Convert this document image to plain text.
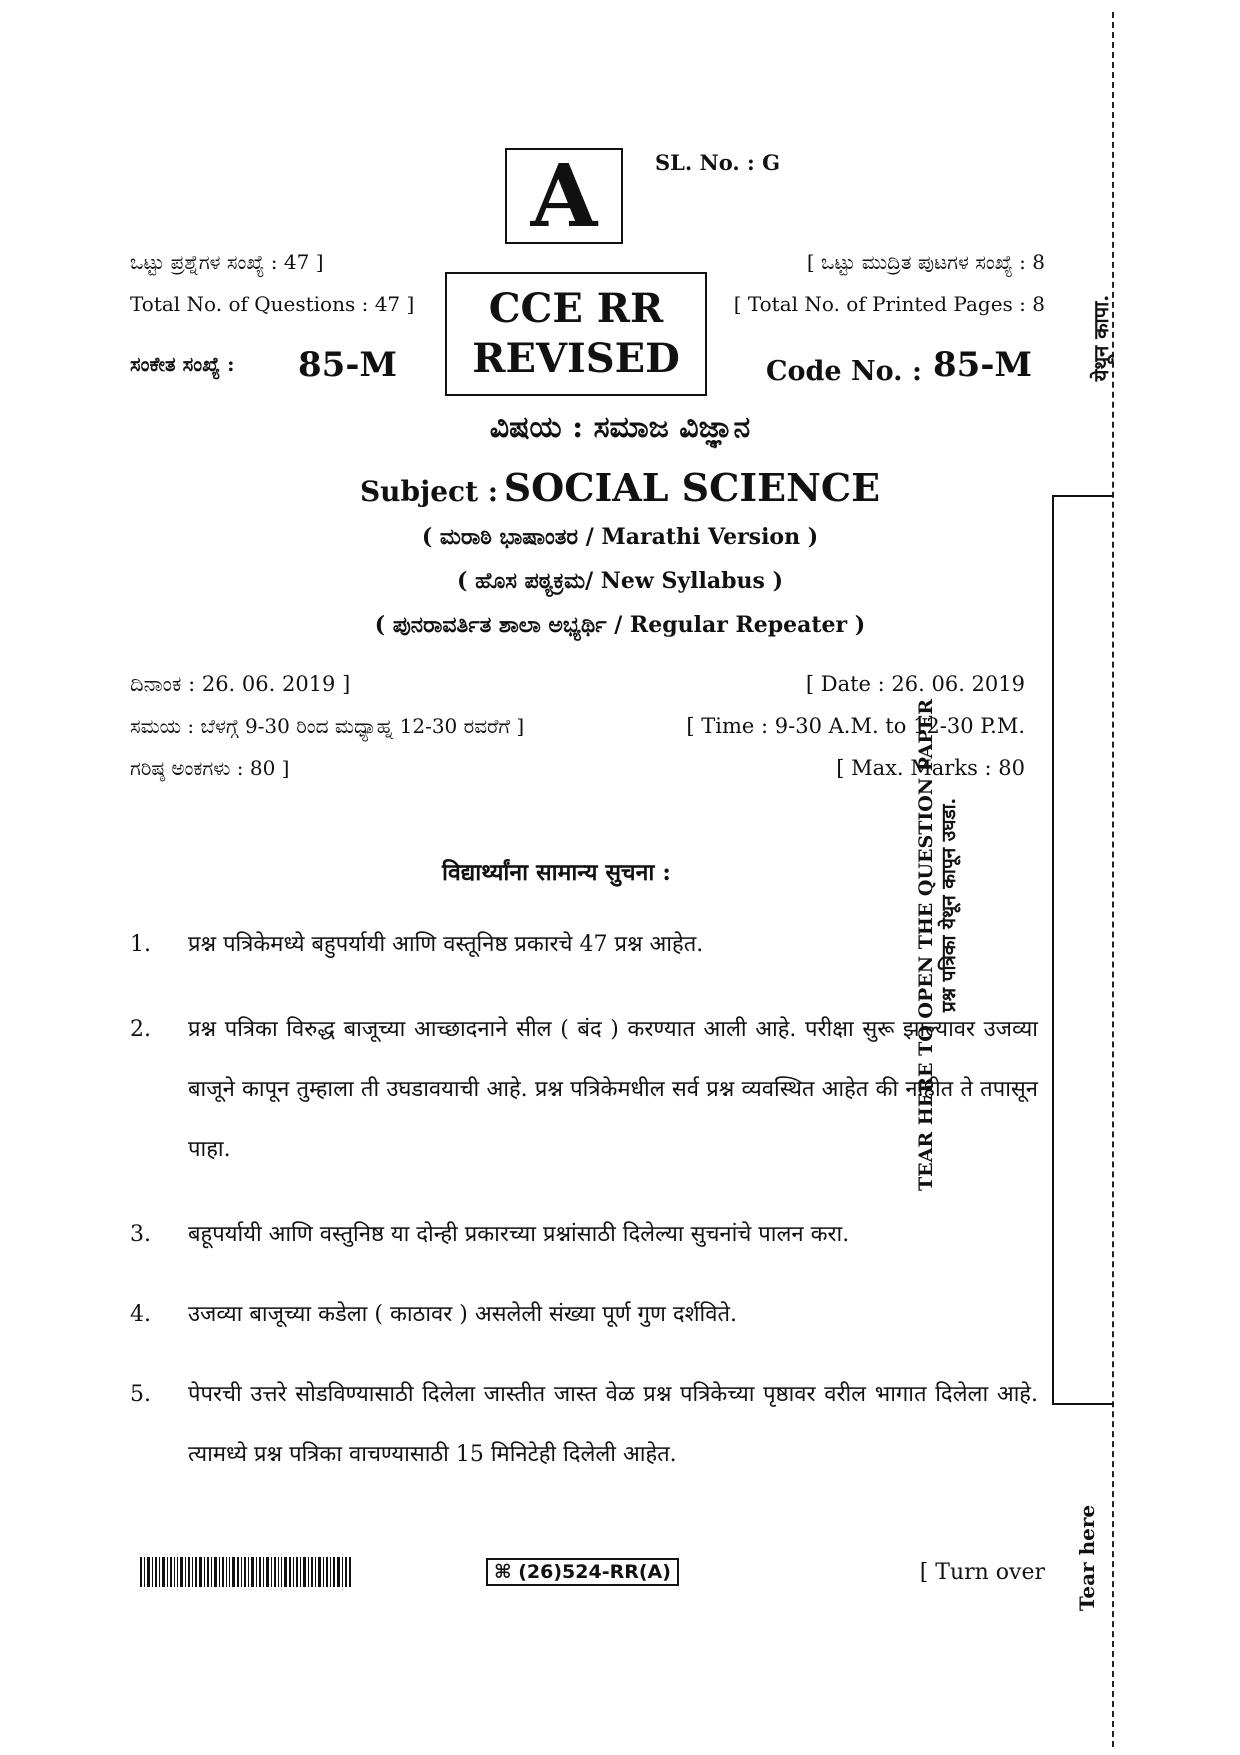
A	SL. No. : G
ಒಟ್ಟು ಪ್ರಶ್ನೆಗಳ ಸಂಖ್ಯೆ : 47 ]
Total No. of Questions : 47 ]
ಸಂಕೇತ ಸಂಖ್ಯೆ : 85-M
CCE RR
REVISED
[ ಒಟ್ಟು ಮುದ್ರಿತ ಪುಟಗಳ ಸಂಖ್ಯೆ : 8
[ Total No. of Printed Pages : 8
Code No. : 85-M
ವಿಷಯ : ಸಮಾಜ ವಿಜ್ಞಾನ
Subject : SOCIAL SCIENCE
( ಮರಾಠಿ ಭಾಷಾಂತರ / Marathi Version )
( ಹೊಸ ಪಠ್ಯಕ್ರಮ/ New Syllabus )
( ಪುನರಾವರ್ತಿತ ಶಾಲಾ ಅಭ್ಯರ್ಥಿ / Regular Repeater )
ದಿನಾಂಕ : 26. 06. 2019 ]	[ Date : 26. 06. 2019
ಸಮಯ : ಬೆಳಗ್ಗೆ 9-30 ರಿಂದ ಮಧ್ಯಾಹ್ನ 12-30 ರವರೆಗೆ ]	[ Time : 9-30 A.M. to 12-30 P.M.
ಗರಿಷ್ಠ ಅಂಕಗಳು : 80 ]	[ Max. Marks : 80
विद्यार्थ्यांना सामान्य सुचना :
1. प्रश्न पत्रिकेमध्ये बहुपर्यायी आणि वस्तूनिष्ठ प्रकारचे 47 प्रश्न आहेत.
2. प्रश्न पत्रिका विरुद्ध बाजूच्या आच्छादनाने सील ( बंद ) करण्यात आली आहे. परीक्षा सुरू झाल्यावर उजव्या बाजूने कापून तुम्हाला ती उघडावयाची आहे. प्रश्न पत्रिकेमधील सर्व प्रश्न व्यवस्थित आहेत की नाहीत ते तपासून पाहा.
3. बहूपर्यायी आणि वस्तुनिष्ठ या दोन्ही प्रकारच्या प्रश्नांसाठी दिलेल्या सुचनांचे पालन करा.
4. उजव्या बाजूच्या कडेला ( काठावर ) असलेली संख्या पूर्ण गुण दर्शविते.
5. पेपरची उत्तरे सोडविण्यासाठी दिलेला जास्तीत जास्त वेळ प्रश्न पत्रिकेच्या पृष्ठावर वरील भागात दिलेला आहे. त्यामध्ये प्रश्न पत्रिका वाचण्यासाठी 15 मिनिटेही दिलेली आहेत.
⌘ (26)524-RR(A)	[ Turn over
येथून कापा.
TEAR HERE TO OPEN THE QUESTION PAPER प्रश्न पत्रिका येथून कापून उघडा.
Tear here
